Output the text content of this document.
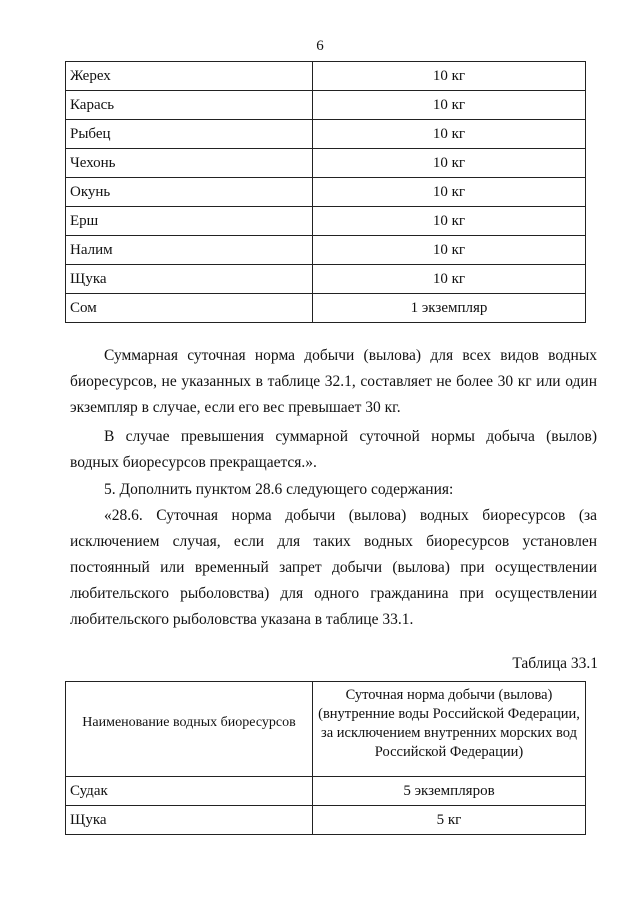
6
Жерех	10 кг
Карась	10 кг
Рыбец	10 кг
Чехонь	10 кг
Окунь	10 кг
Ерш	10 кг
Налим	10 кг
Щука	10 кг
Сом	1 экземпляр

Суммарная суточная норма добычи (вылова) для всех видов водных биоресурсов, не указанных в таблице 32.1, составляет не более 30 кг или один экземпляр в случае, если его вес превышает 30 кг.

В случае превышения суммарной суточной нормы добыча (вылов) водных биоресурсов прекращается.».

5. Дополнить пунктом 28.6 следующего содержания:

«28.6. Суточная норма добычи (вылова) водных биоресурсов (за исключением случая, если для таких водных биоресурсов установлен постоянный или временный запрет добычи (вылова) при осуществлении любительского рыболовства) для одного гражданина при осуществлении любительского рыболовства указана в таблице 33.1.

Таблица 33.1
Наименование водных биоресурсов	Суточная норма добычи (вылова) (внутренние воды Российской Федерации, за исключением внутренних морских вод Российской Федерации)
Судак	5 экземпляров
Щука	5 кг
